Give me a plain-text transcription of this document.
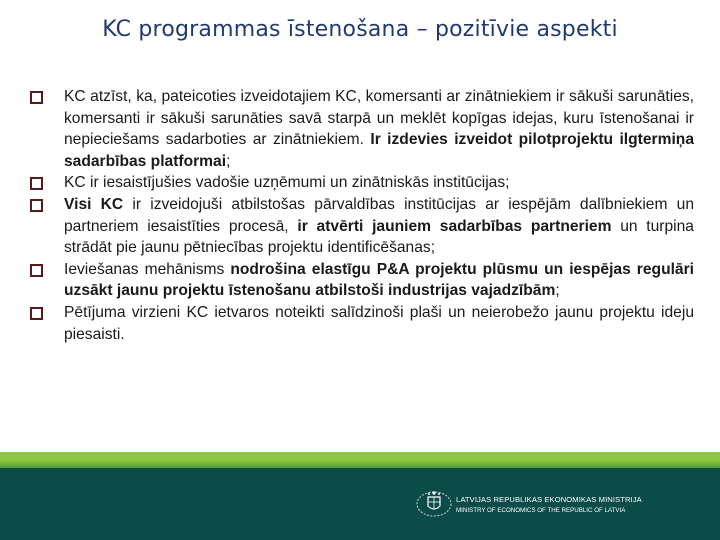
KC programmas īstenošana – pozitīvie aspekti
KC atzīst, ka, pateicoties izveidotajiem KC, komersanti ar zinātniekiem ir sākuši sarunāties, komersanti ir sākuši sarunāties savā starpā un meklēt kopīgas idejas, kuru īstenošanai ir nepieciešams sadarboties ar zinātniekiem. Ir izdevies izveidot pilotprojektu ilgtermiņa sadarbības platformai;
KC ir iesaistījušies vadošie uzņēmumi un zinātniskās institūcijas;
Visi KC ir izveidojuši atbilstošas pārvaldības institūcijas ar iespējām dalībniekiem un partneriem iesaistīties procesā, ir atvērti jauniem sadarbības partneriem un turpina strādāt pie jaunu pētniecības projektu identificēšanas;
Ieviešanas mehānisms nodrošina elastīgu P&A projektu plūsmu un iespējas regulāri uzsākt jaunu projektu īstenošanu atbilstoši industrijas vajadzībām;
Pētījuma virzieni KC ietvaros noteikti salīdzinoši plaši un neierobežo jaunu projektu ideju piesaisti.
LATVIJAS REPUBLIKAS EKONOMIKAS MINISTRIJA
MINISTRY OF ECONOMICS OF THE REPUBLIC OF LATVIA
